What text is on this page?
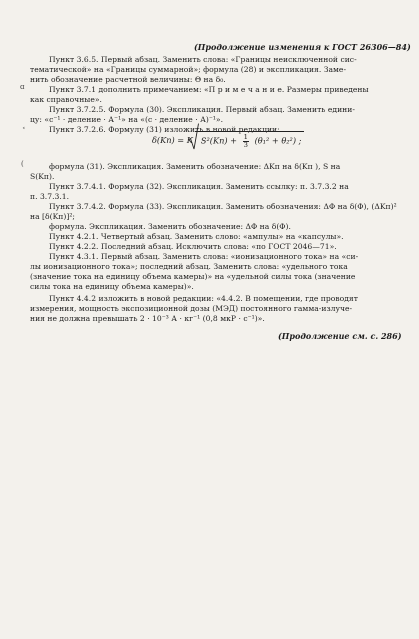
(Продолжение изменения к ГОСТ 26306—84)
Пункт 3.6.5. Первый абзац. Заменить слова: «Границы неисключенной сис-
тематической» на «Границы суммарной»; формула (28) и экспликация. Заме-
нить обозначение расчетной величины: Θ на δ₀.
Пункт 3.7.1 дополнить примечанием: «П р и м е ч а н и е. Размеры приведены
как справочные».
Пункт 3.7.2.5. Формула (30). Экспликация. Первый абзац. Заменить едини-
цу: «с⁻¹ · деление · А⁻¹» на «(с · деление · А)⁻¹».
Пункт 3.7.2.6. Формулу (31) изложить в новой редакции:
δ(Kп) = K $S^2(Kп) + \frac{1}{3} (\theta_1^2 + \theta_2^2)$ ;
формула (31). Экспликация. Заменить обозначение: ΔKп на δ(Kп ), S на
S(Kп).
Пункт 3.7.4.1. Формула (32). Экспликация. Заменить ссылку: п. 3.7.3.2 на
п. 3.7.3.1.
Пункт 3.7.4.2. Формула (33). Экспликация. Заменить обозначения: ΔΦ на δ(Φ), (ΔKп)²
на [δ(Kп)]²;
формула. Экспликация. Заменить обозначение: ΔΦ на δ(Φ).
Пункт 4.2.1. Четвертый абзац. Заменить слово: «ампулы» на «капсулы».
Пункт 4.2.2. Последний абзац. Исключить слова: «по ГОСТ 2046—71».
Пункт 4.3.1. Первый абзац. Заменить слова: «ионизационного тока» на «си-
лы ионизационного тока»; последний абзац. Заменить слова: «удельного тока
(значение тока на единицу объема камеры)» на «удельной силы тока (значение
силы тока на единицу объема камеры)».
Пункт 4.4.2 изложить в новой редакции: «4.4.2. В помещении, где проводят
измерения, мощность экспозиционной дозы (МЭД) постоянного гамма-излуче-
ния не должна превышать 2 · 10⁻³ А · кг⁻¹ (0,8 мкР · с⁻¹)».
(Продолжение см. с. 286)
ɑ
˂
(
